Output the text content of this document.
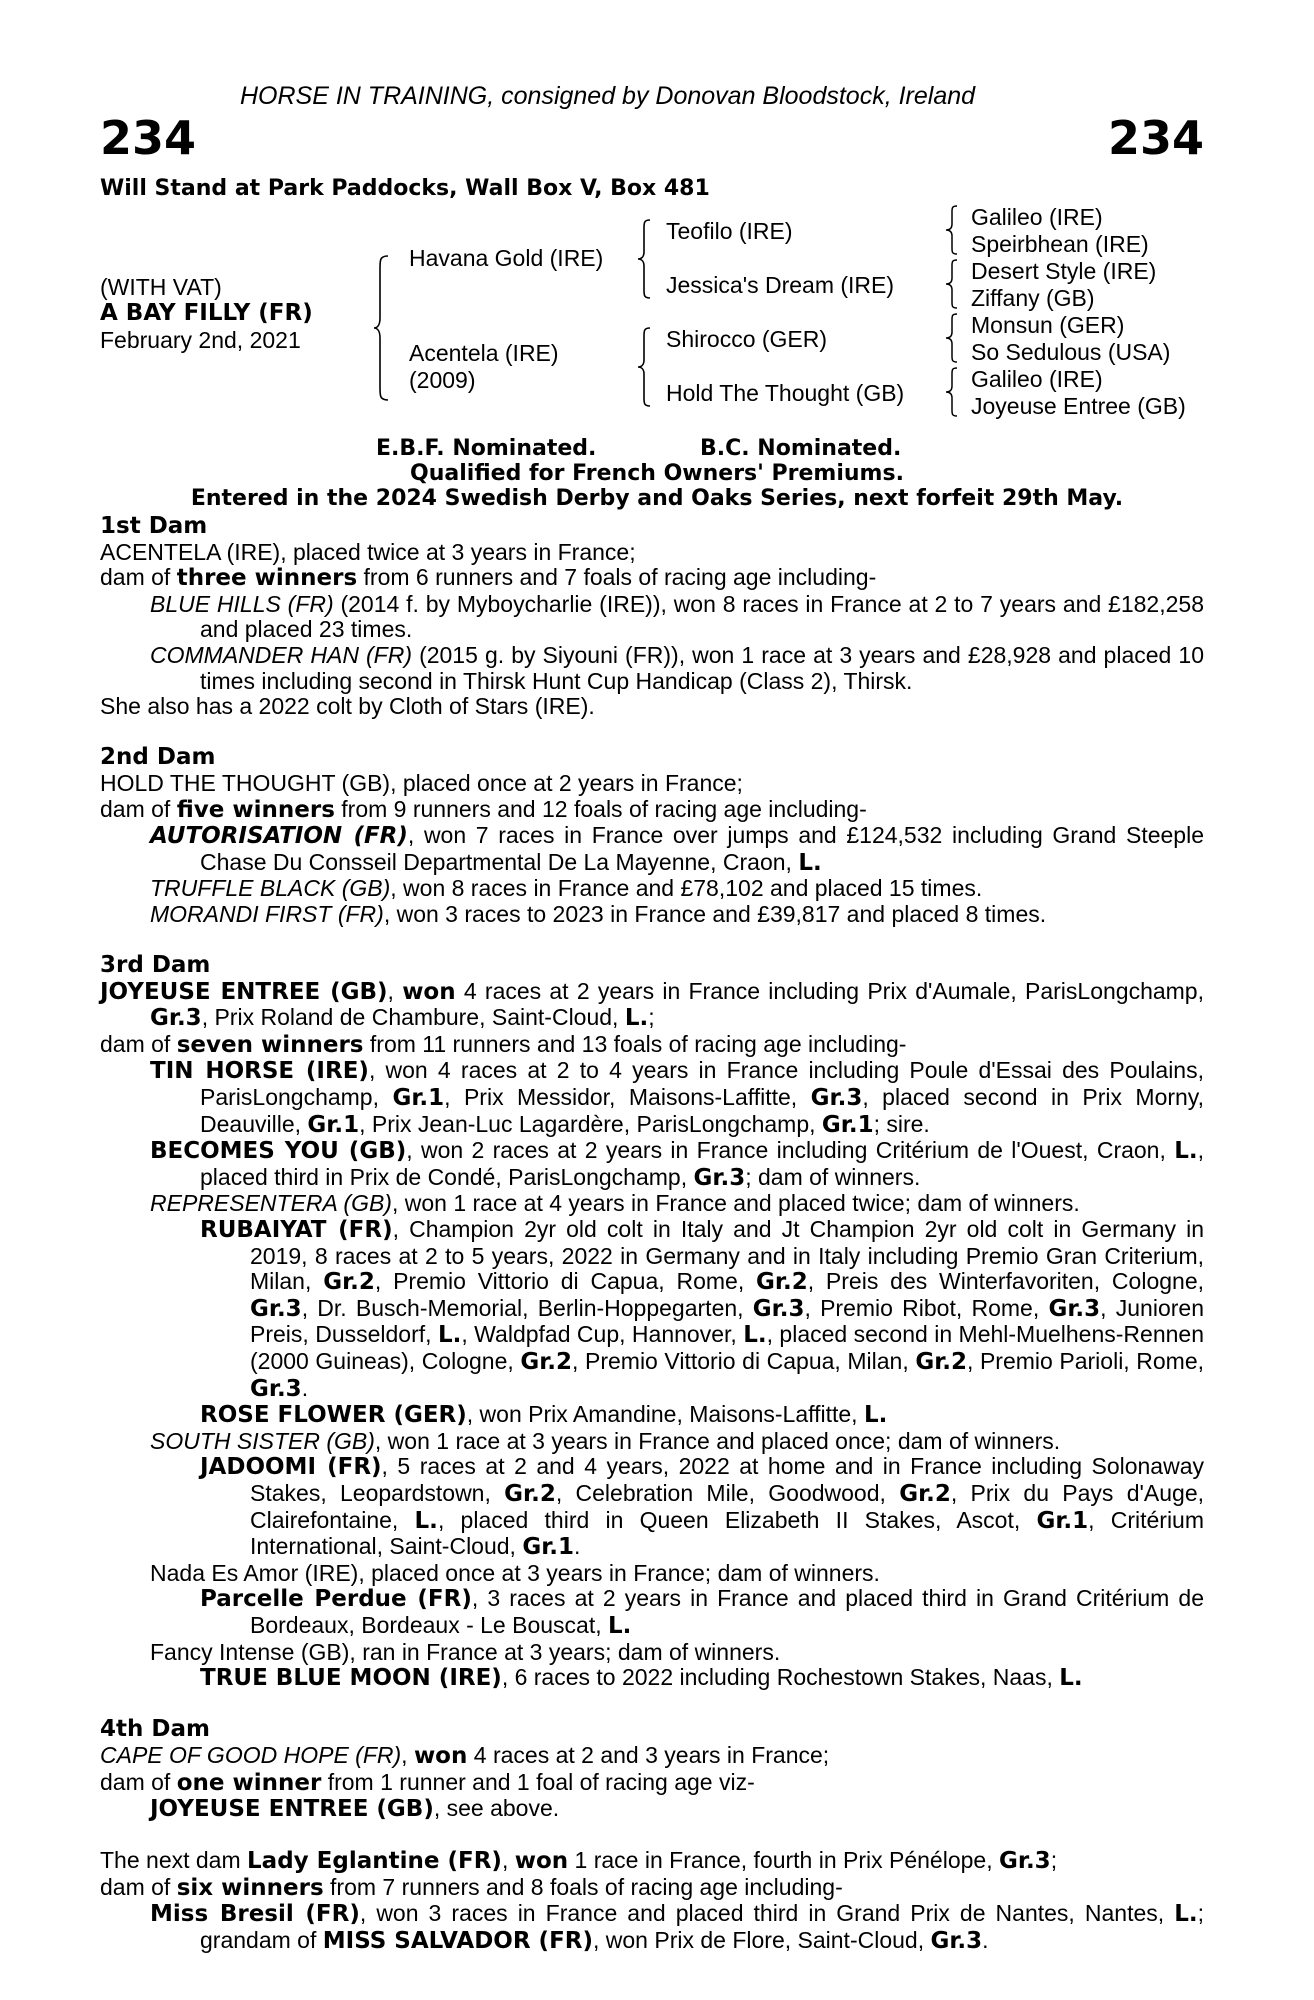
HORSE IN TRAINING, consigned by Donovan Bloodstock, Ireland
234	234
Will Stand at Park Paddocks, Wall Box V, Box 481
(WITH VAT)
A BAY FILLY (FR)
February 2nd, 2021
Havana Gold (IRE)
Acentela (IRE)
(2009)
Teofilo (IRE)
Jessica's Dream (IRE)
Shirocco (GER)
Hold The Thought (GB)
Galileo (IRE)
Speirbhean (IRE)
Desert Style (IRE)
Ziffany (GB)
Monsun (GER)
So Sedulous (USA)
Galileo (IRE)
Joyeuse Entree (GB)
E.B.F. Nominated.	B.C. Nominated.
Qualified for French Owners' Premiums.
Entered in the 2024 Swedish Derby and Oaks Series, next forfeit 29th May.

1st Dam

ACENTELA (IRE), placed twice at 3 years in France;

dam of three winners from 6 runners and 7 foals of racing age including-

BLUE HILLS (FR) (2014 f. by Myboycharlie (IRE)), won 8 races in France at 2 to 7 years and £182,258 and placed 23 times.

COMMANDER HAN (FR) (2015 g. by Siyouni (FR)), won 1 race at 3 years and £28,928 and placed 10 times including second in Thirsk Hunt Cup Handicap (Class 2), Thirsk.

She also has a 2022 colt by Cloth of Stars (IRE).

2nd Dam

HOLD THE THOUGHT (GB), placed once at 2 years in France;

dam of five winners from 9 runners and 12 foals of racing age including-

AUTORISATION (FR), won 7 races in France over jumps and £124,532 including Grand Steeple Chase Du Consseil Departmental De La Mayenne, Craon, L.

TRUFFLE BLACK (GB), won 8 races in France and £78,102 and placed 15 times.

MORANDI FIRST (FR), won 3 races to 2023 in France and £39,817 and placed 8 times.

3rd Dam

JOYEUSE ENTREE (GB), won 4 races at 2 years in France including Prix d'Aumale, ParisLongchamp, Gr.3, Prix Roland de Chambure, Saint-Cloud, L.;

dam of seven winners from 11 runners and 13 foals of racing age including-

TIN HORSE (IRE), won 4 races at 2 to 4 years in France including Poule d'Essai des Poulains, ParisLongchamp, Gr.1, Prix Messidor, Maisons-Laffitte, Gr.3, placed second in Prix Morny, Deauville, Gr.1, Prix Jean-Luc Lagardère, ParisLongchamp, Gr.1; sire.

BECOMES YOU (GB), won 2 races at 2 years in France including Critérium de l'Ouest, Craon, L., placed third in Prix de Condé, ParisLongchamp, Gr.3; dam of winners.

REPRESENTERA (GB), won 1 race at 4 years in France and placed twice; dam of winners.

RUBAIYAT (FR), Champion 2yr old colt in Italy and Jt Champion 2yr old colt in Germany in 2019, 8 races at 2 to 5 years, 2022 in Germany and in Italy including Premio Gran Criterium, Milan, Gr.2, Premio Vittorio di Capua, Rome, Gr.2, Preis des Winterfavoriten, Cologne, Gr.3, Dr. Busch-Memorial, Berlin-Hoppegarten, Gr.3, Premio Ribot, Rome, Gr.3, Junioren Preis, Dusseldorf, L., Waldpfad Cup, Hannover, L., placed second in Mehl-Muelhens-Rennen (2000 Guineas), Cologne, Gr.2, Premio Vittorio di Capua, Milan, Gr.2, Premio Parioli, Rome, Gr.3.

ROSE FLOWER (GER), won Prix Amandine, Maisons-Laffitte, L.

SOUTH SISTER (GB), won 1 race at 3 years in France and placed once; dam of winners.

JADOOMI (FR), 5 races at 2 and 4 years, 2022 at home and in France including Solonaway Stakes, Leopardstown, Gr.2, Celebration Mile, Goodwood, Gr.2, Prix du Pays d'Auge, Clairefontaine, L., placed third in Queen Elizabeth II Stakes, Ascot, Gr.1, Critérium International, Saint-Cloud, Gr.1.

Nada Es Amor (IRE), placed once at 3 years in France; dam of winners.

Parcelle Perdue (FR), 3 races at 2 years in France and placed third in Grand Critérium de Bordeaux, Bordeaux - Le Bouscat, L.

Fancy Intense (GB), ran in France at 3 years; dam of winners.

TRUE BLUE MOON (IRE), 6 races to 2022 including Rochestown Stakes, Naas, L.

4th Dam

CAPE OF GOOD HOPE (FR), won 4 races at 2 and 3 years in France;

dam of one winner from 1 runner and 1 foal of racing age viz-

JOYEUSE ENTREE (GB), see above.

The next dam Lady Eglantine (FR), won 1 race in France, fourth in Prix Pénélope, Gr.3;

dam of six winners from 7 runners and 8 foals of racing age including-

Miss Bresil (FR), won 3 races in France and placed third in Grand Prix de Nantes, Nantes, L.; grandam of MISS SALVADOR (FR), won Prix de Flore, Saint-Cloud, Gr.3.
